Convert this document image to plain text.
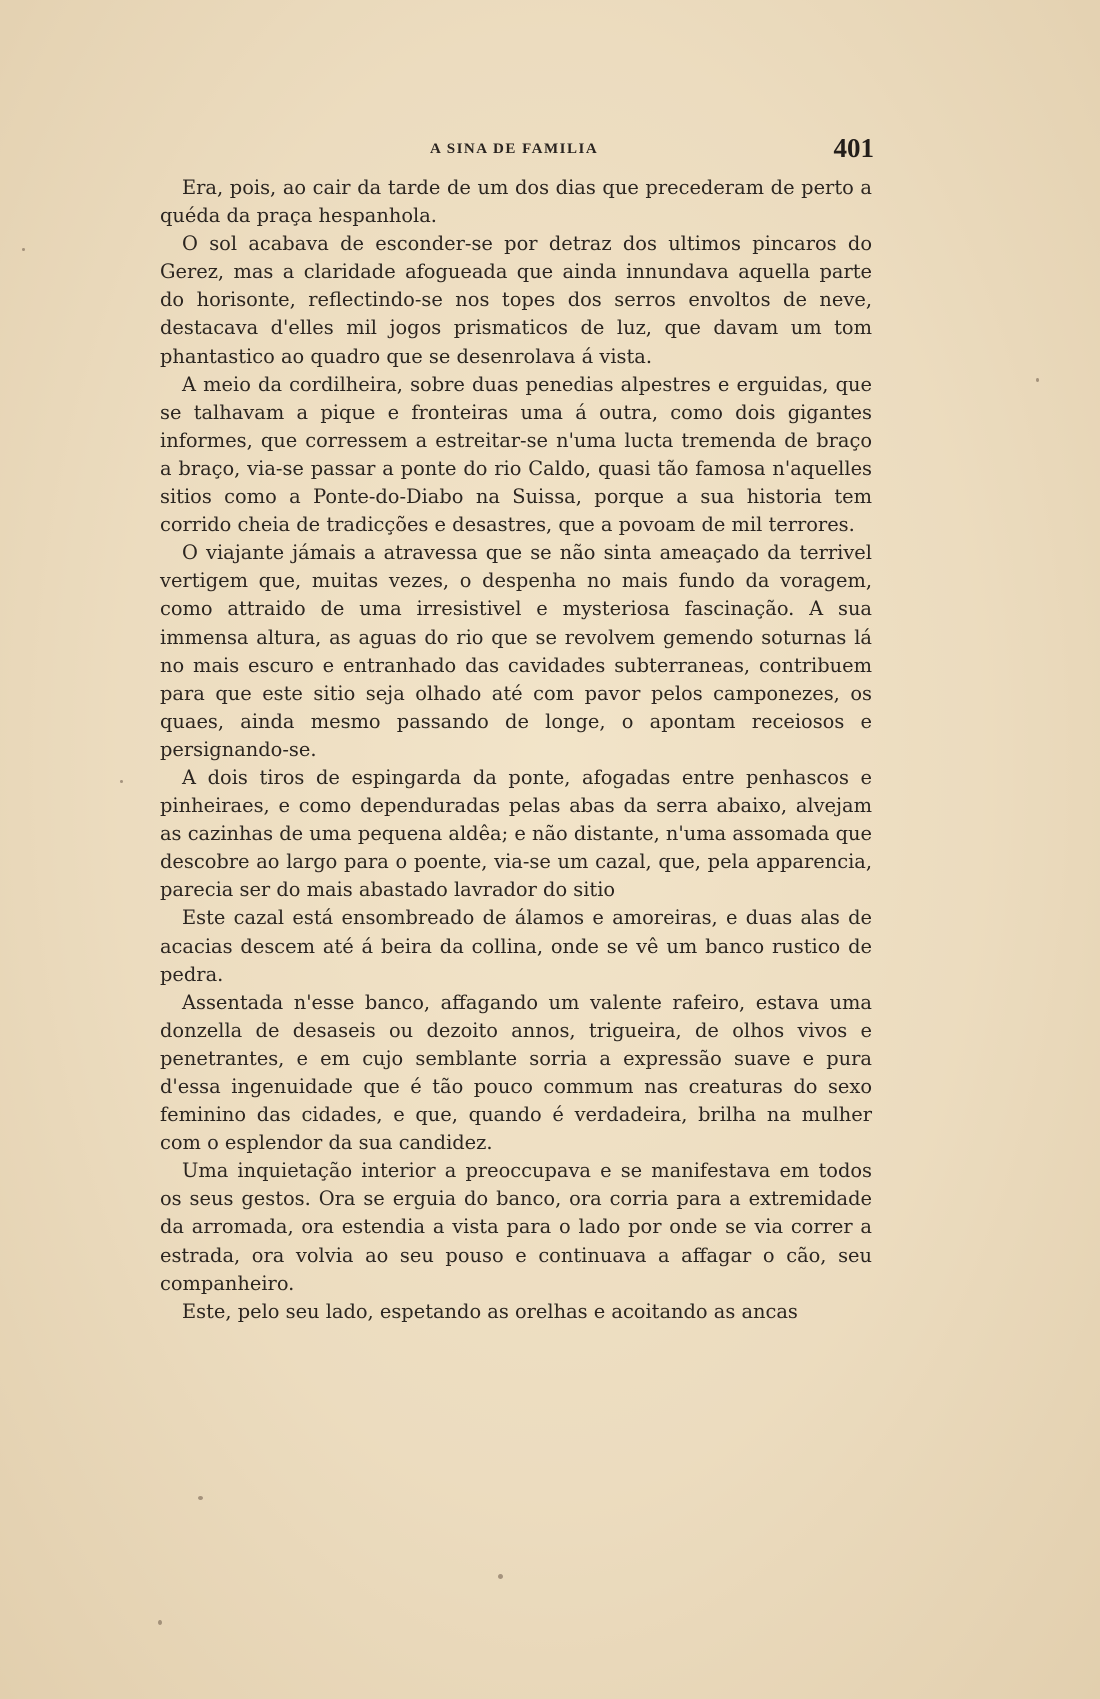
A SINA DE FAMILIA	401

Era, pois, ao cair da tarde de um dos dias que precederam de perto a quéda da praça hespanhola.

O sol acabava de esconder-se por detraz dos ultimos pincaros do Gerez, mas a claridade afogueada que ainda innundava aquella parte do horisonte, reflectindo-se nos topes dos serros envoltos de neve, destacava d'elles mil jogos prismaticos de luz, que davam um tom phantastico ao quadro que se desenrolava á vista.

A meio da cordilheira, sobre duas penedias alpestres e erguidas, que se talhavam a pique e fronteiras uma á outra, como dois gigantes informes, que corressem a estreitar-se n'uma lucta tremenda de braço a braço, via-se passar a ponte do rio Caldo, quasi tão famosa n'aquelles sitios como a Ponte-do-Diabo na Suissa, porque a sua historia tem corrido cheia de tradicções e desastres, que a povoam de mil terrores.

O viajante jámais a atravessa que se não sinta ameaçado da terrivel vertigem que, muitas vezes, o despenha no mais fundo da voragem, como attraido de uma irresistivel e mysteriosa fascinação. A sua immensa altura, as aguas do rio que se revolvem gemendo soturnas lá no mais escuro e entranhado das cavidades subterraneas, contribuem para que este sitio seja olhado até com pavor pelos camponezes, os quaes, ainda mesmo passando de longe, o apontam receiosos e persignando-se.

A dois tiros de espingarda da ponte, afogadas entre penhascos e pinheiraes, e como dependuradas pelas abas da serra abaixo, alvejam as cazinhas de uma pequena aldêa; e não distante, n'uma assomada que descobre ao largo para o poente, via-se um cazal, que, pela apparencia, parecia ser do mais abastado lavrador do sitio

Este cazal está ensombreado de álamos e amoreiras, e duas alas de acacias descem até á beira da collina, onde se vê um banco rustico de pedra.

Assentada n'esse banco, affagando um valente rafeiro, estava uma donzella de desaseis ou dezoito annos, trigueira, de olhos vivos e penetrantes, e em cujo semblante sorria a expressão suave e pura d'essa ingenuidade que é tão pouco commum nas creaturas do sexo feminino das cidades, e que, quando é verdadeira, brilha na mulher com o esplendor da sua candidez.

Uma inquietação interior a preoccupava e se manifestava em todos os seus gestos. Ora se erguia do banco, ora corria para a extremidade da arromada, ora estendia a vista para o lado por onde se via correr a estrada, ora volvia ao seu pouso e continuava a affagar o cão, seu companheiro.

Este, pelo seu lado, espetando as orelhas e acoitando as ancas
